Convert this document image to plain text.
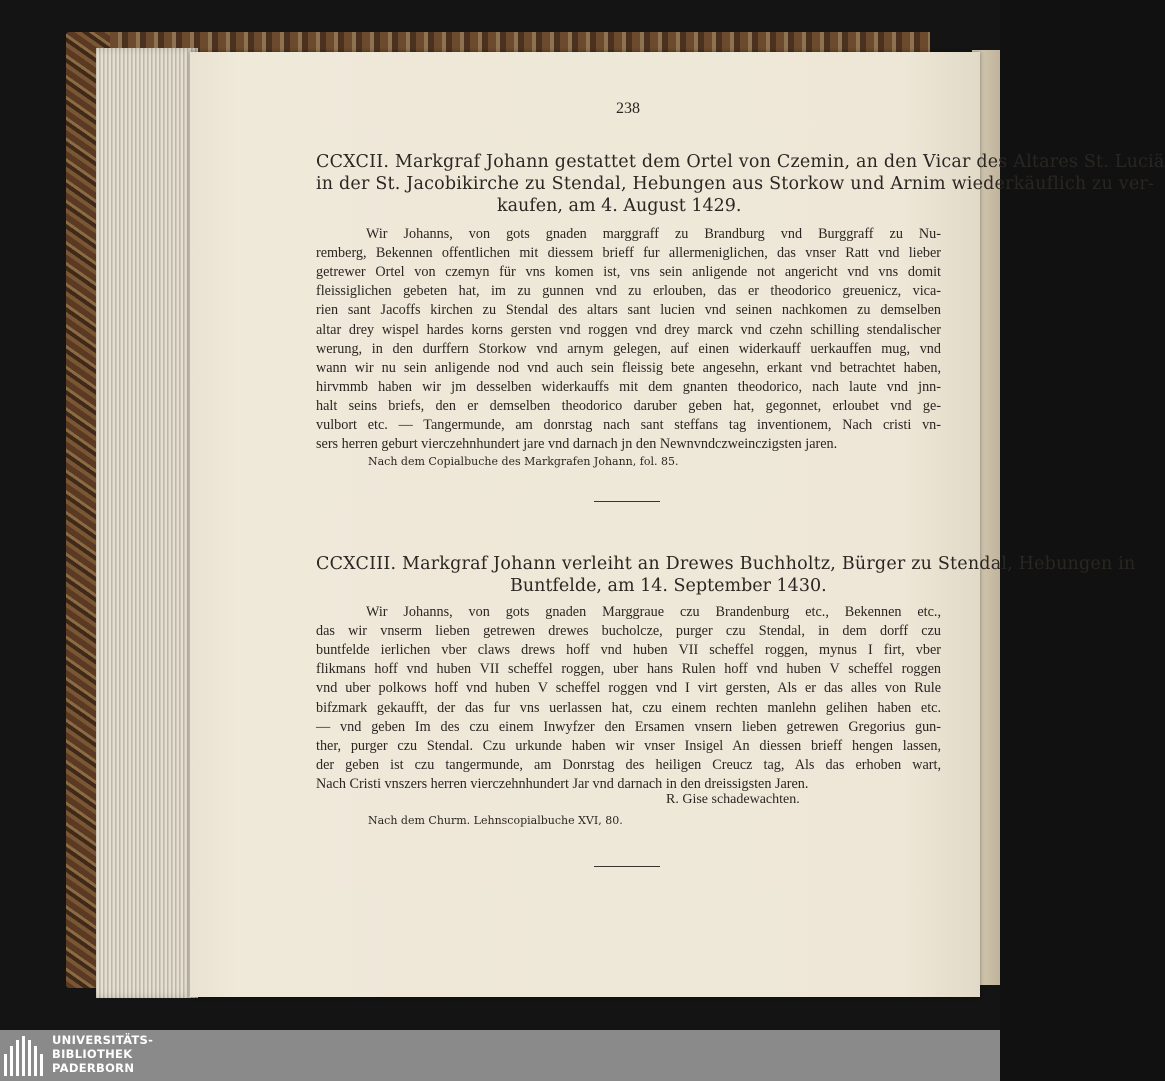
238
CCXCII. Markgraf Johann gestattet dem Ortel von Czemin, an den Vicar des Altares St. Luciä
in der St. Jacobikirche zu Stendal, Hebungen aus Storkow und Arnim wiederkäuflich zu ver-
kaufen, am 4. August 1429.
Wir Johanns, von gots gnaden marggraff zu Brandburg vnd Burggraff zu Nu-
remberg, Bekennen offentlichen mit diessem brieff fur allermeniglichen, das vnser Ratt vnd lieber
getrewer Ortel von czemyn für vns komen ist, vns sein anligende not angericht vnd vns domit
fleissiglichen gebeten hat, im zu gunnen vnd zu erlouben, das er theodorico greuenicz, vica-
rien sant Jacoffs kirchen zu Stendal des altars sant lucien vnd seinen nachkomen zu demselben
altar drey wispel hardes korns gersten vnd roggen vnd drey marck vnd czehn schilling stendalischer
werung, in den durffern Storkow vnd arnym gelegen, auf einen widerkauff uerkauffen mug, vnd
wann wir nu sein anligende nod vnd auch sein fleissig bete angesehn, erkant vnd betrachtet haben,
hirvmmb haben wir jm desselben widerkauffs mit dem gnanten theodorico, nach laute vnd jnn-
halt seins briefs, den er demselben theodorico daruber geben hat, gegonnet, erloubet vnd ge-
vulbort etc. — Tangermunde, am donrstag nach sant steffans tag inventionem, Nach cristi vn-
sers herren geburt vierczehnhundert jare vnd darnach jn den Newnvndczweinczigsten jaren.
Nach dem Copialbuche des Markgrafen Johann, fol. 85.
CCXCIII. Markgraf Johann verleiht an Drewes Buchholtz, Bürger zu Stendal, Hebungen in
Buntfelde, am 14. September 1430.
Wir Johanns, von gots gnaden Marggraue czu Brandenburg etc., Bekennen etc.,
das wir vnserm lieben getrewen drewes bucholcze, purger czu Stendal, in dem dorff czu
buntfelde ierlichen vber claws drews hoff vnd huben VII scheffel roggen, mynus I firt, vber
flikmans hoff vnd huben VII scheffel roggen, uber hans Rulen hoff vnd huben V scheffel roggen
vnd uber polkows hoff vnd huben V scheffel roggen vnd I virt gersten, Als er das alles von Rule
bifzmark gekaufft, der das fur vns uerlassen hat, czu einem rechten manlehn gelihen haben etc.
— vnd geben Im des czu einem Inwyfzer den Ersamen vnsern lieben getrewen Gregorius gun-
ther, purger czu Stendal. Czu urkunde haben wir vnser Insigel An diessen brieff hengen lassen,
der geben ist czu tangermunde, am Donrstag des heiligen Creucz tag, Als das erhoben wart,
Nach Cristi vnszers herren vierczehnhundert Jar vnd darnach in den dreissigsten Jaren.
R. Gise schadewachten.
Nach dem Churm. Lehnscopialbuche XVI, 80.
UNIVERSITÄTS-
BIBLIOTHEK
PADERBORN
